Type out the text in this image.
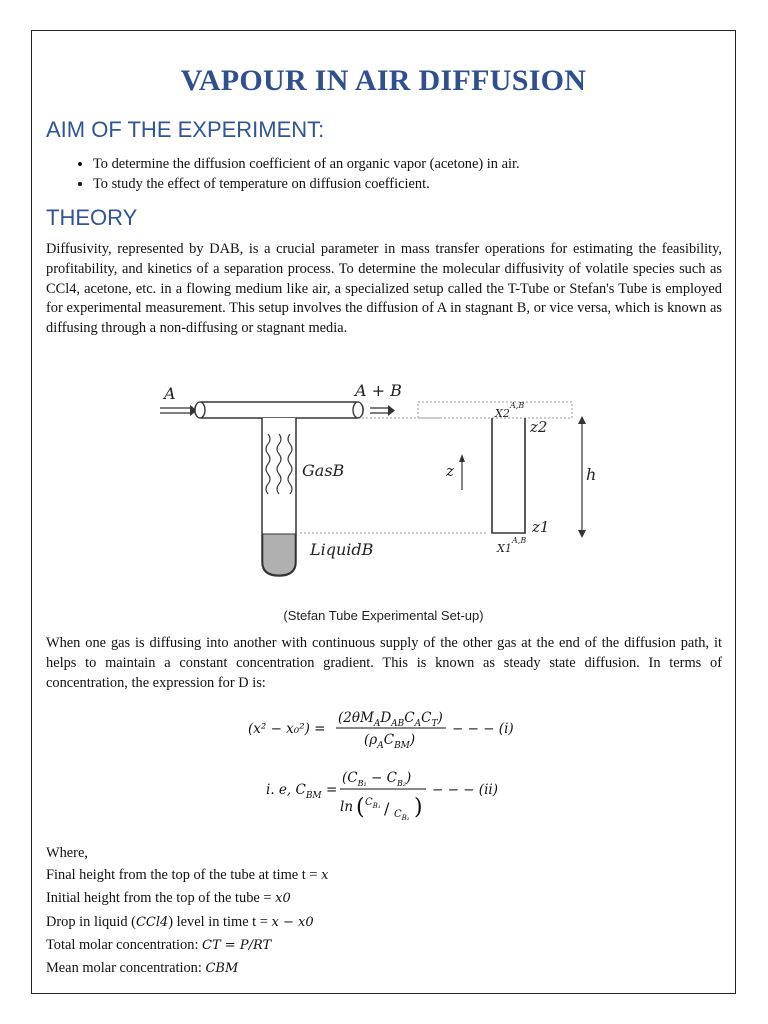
VAPOUR IN AIR DIFFUSION
AIM OF THE EXPERIMENT:
• To determine the diffusion coefficient of an organic vapor (acetone) in air.
• To study the effect of temperature on diffusion coefficient.
THEORY
Diffusivity, represented by DAB, is a crucial parameter in mass transfer operations for estimating the feasibility, profitability, and kinetics of a separation process. To determine the molecular diffusivity of volatile species such as CCl4, acetone, etc. in a flowing medium like air, a specialized setup called the T-Tube or Stefan's Tube is employed for experimental measurement. This setup involves the diffusion of A in stagnant B, or vice versa, which is known as diffusing through a non-diffusing or stagnant media.
A
GasB
LiquidB
A + B
z
z2
z1
X2
A,B
X1
A,B
h
(Stefan Tube Experimental Set-up)
When one gas is diffusing into another with continuous supply of the other gas at the end of the diffusion path, it helps to maintain a constant concentration gradient. This is known as steady state diffusion. In terms of concentration, the expression for D is:
(x² − x₀²) =
$(2\theta M_AD_{AB}C_AC_T)$
$(\rho_AC_{BM})$
− − − (i)
i. e, $C_{BM}$ =
$(C_{B_1} - C_{B_2})$
ln ( $C_{B_1} / C_{B_2}$ )
− − − (ii)
Where,
Final height from the top of the tube at time t = x
Initial height from the top of the tube = x0
Drop in liquid (CCl4) level in time t = x − x0
Total molar concentration: CT = P/RT
Mean molar concentration: CBM
